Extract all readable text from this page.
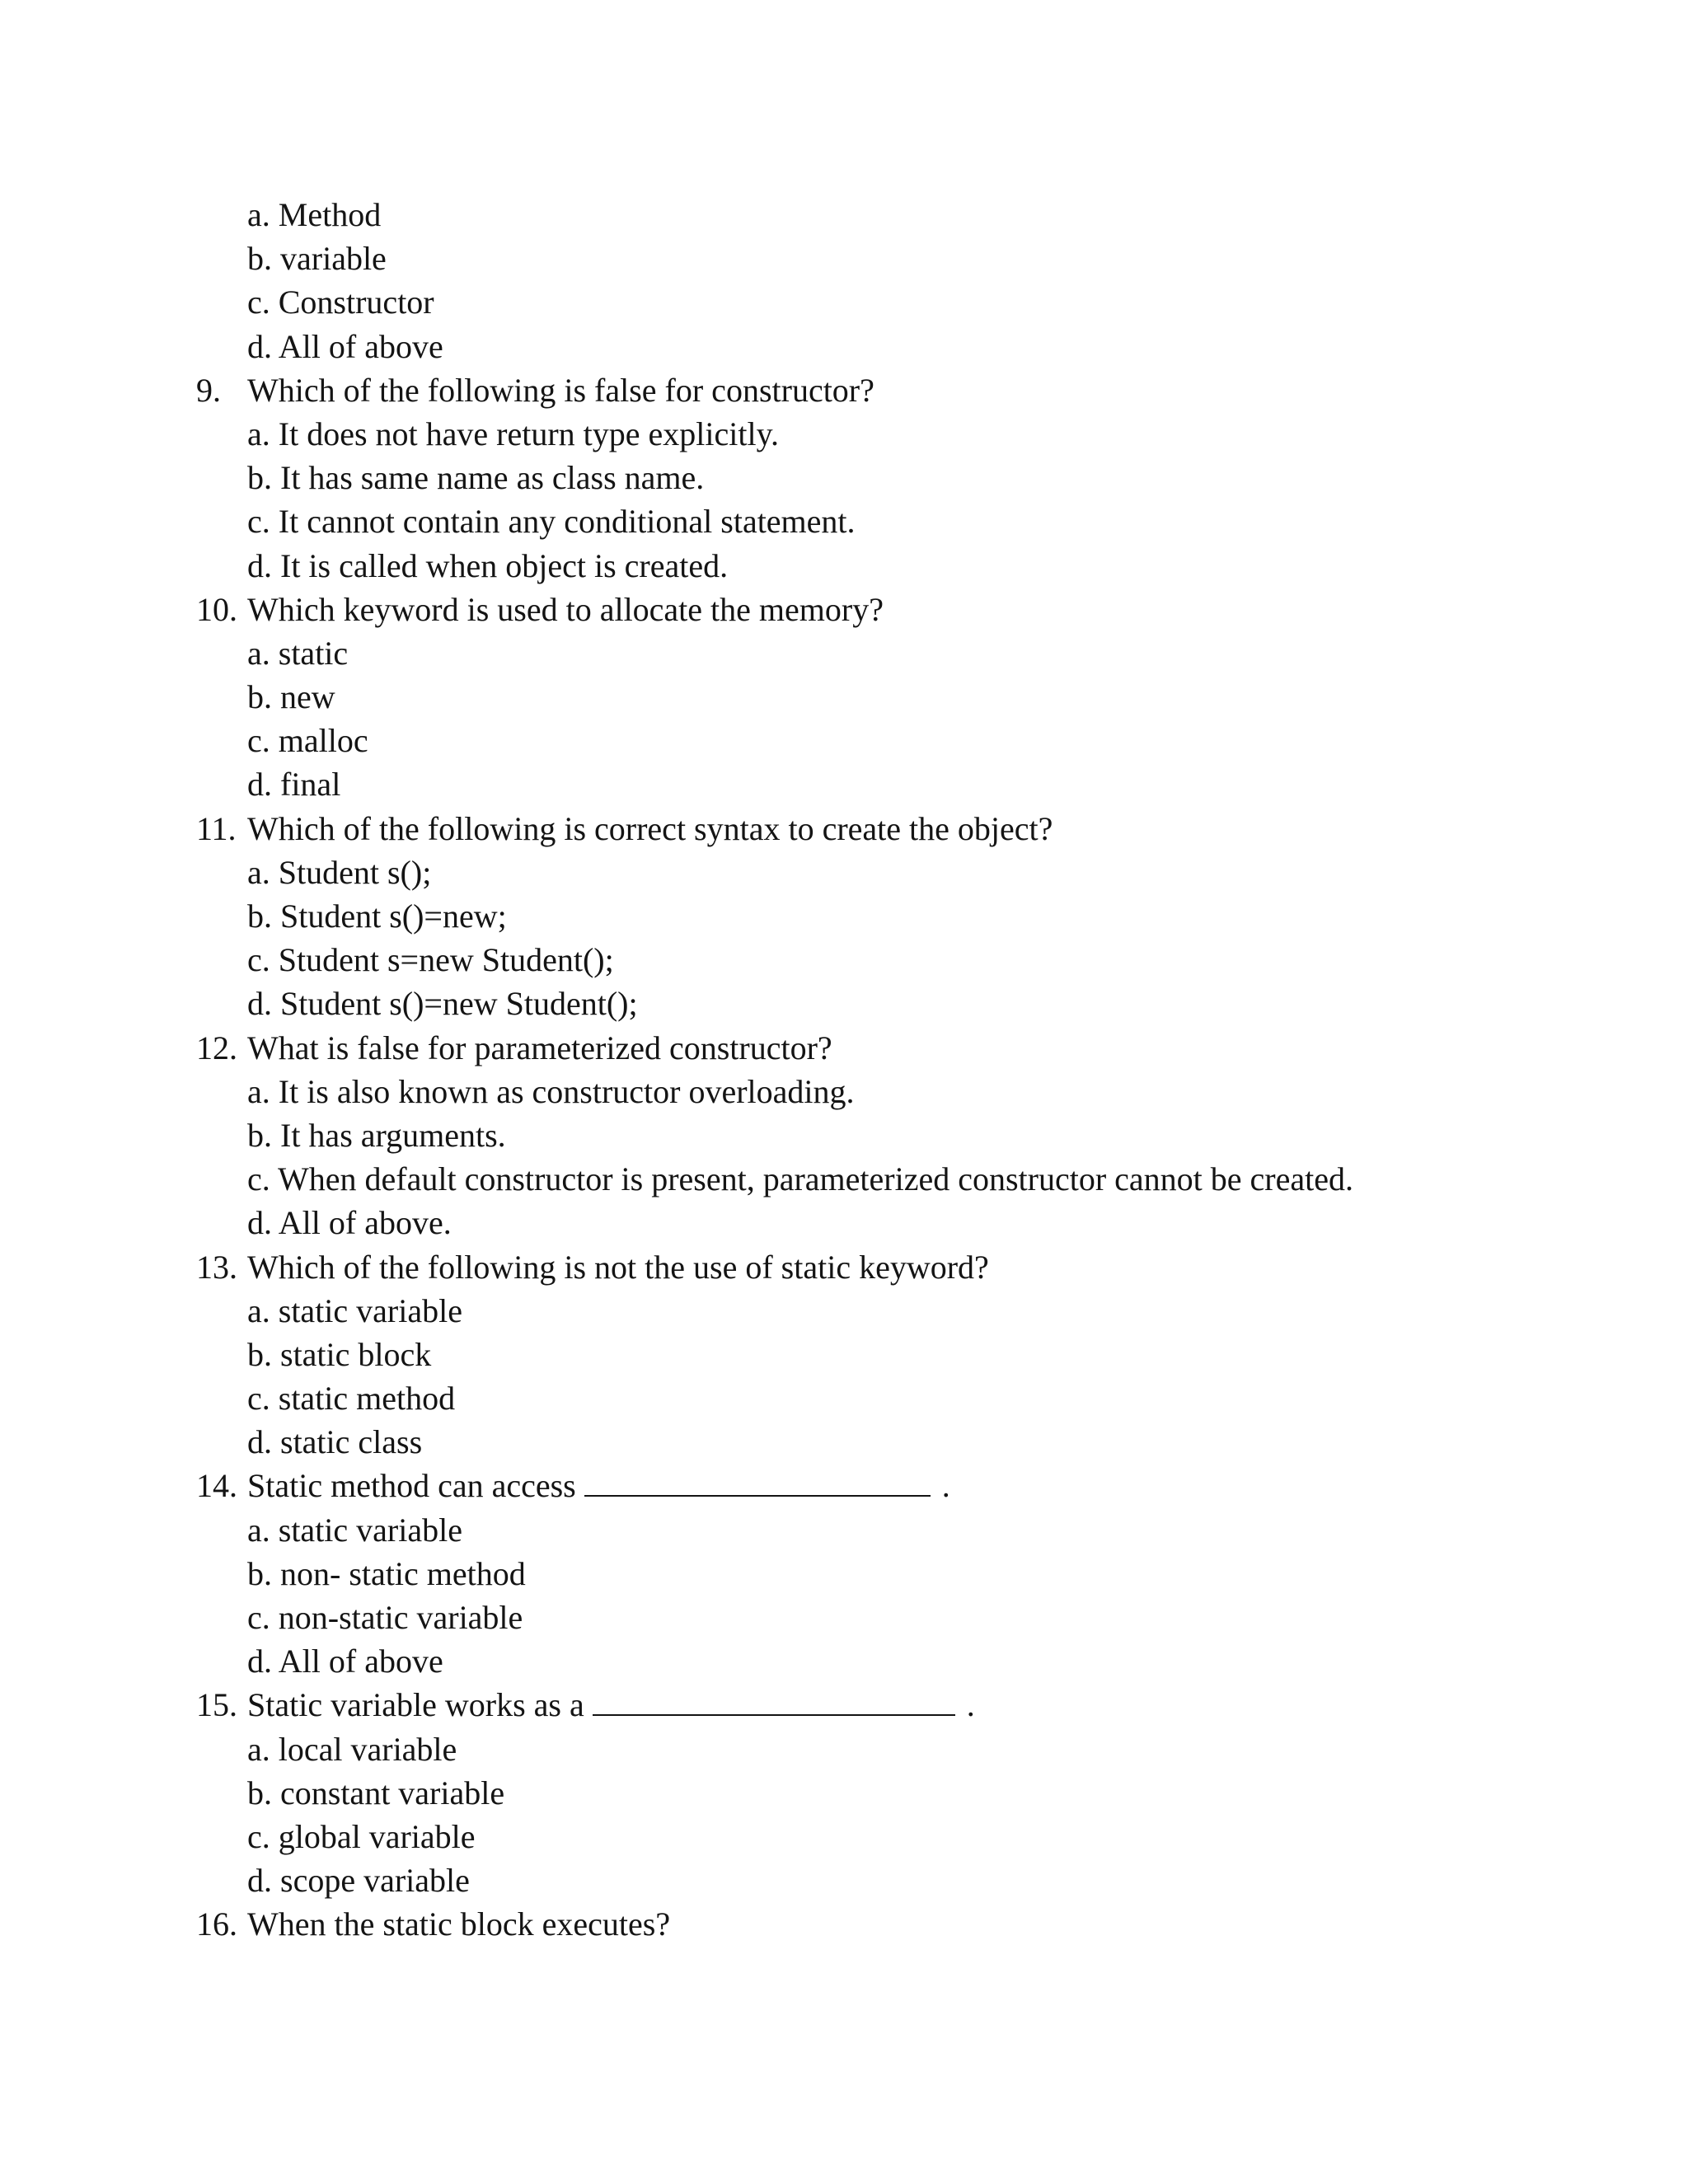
a. Method
b. variable
c. Constructor
d. All of above
9. Which of the following is false for constructor?
a. It does not have return type explicitly.
b. It has same name as class name.
c. It cannot contain any conditional statement.
d. It is called when object is created.
10. Which keyword is used to allocate the memory?
a. static
b. new
c. malloc
d. final
11. Which of the following is correct syntax to create the object?
a. Student s();
b. Student s()=new;
c. Student s=new Student();
d. Student s()=new Student();
12. What is false for parameterized constructor?
a. It is also known as constructor overloading.
b. It has arguments.
c. When default constructor is present, parameterized constructor cannot be created.
d. All of above.
13. Which of the following is not the use of static keyword?
a. static variable
b. static block
c. static method
d. static class
14. Static method can access	.
a. static variable
b. non- static method
c. non-static variable
d. All of above
15. Static variable works as a	.
a. local variable
b. constant variable
c. global variable
d. scope variable
16. When the static block executes?
